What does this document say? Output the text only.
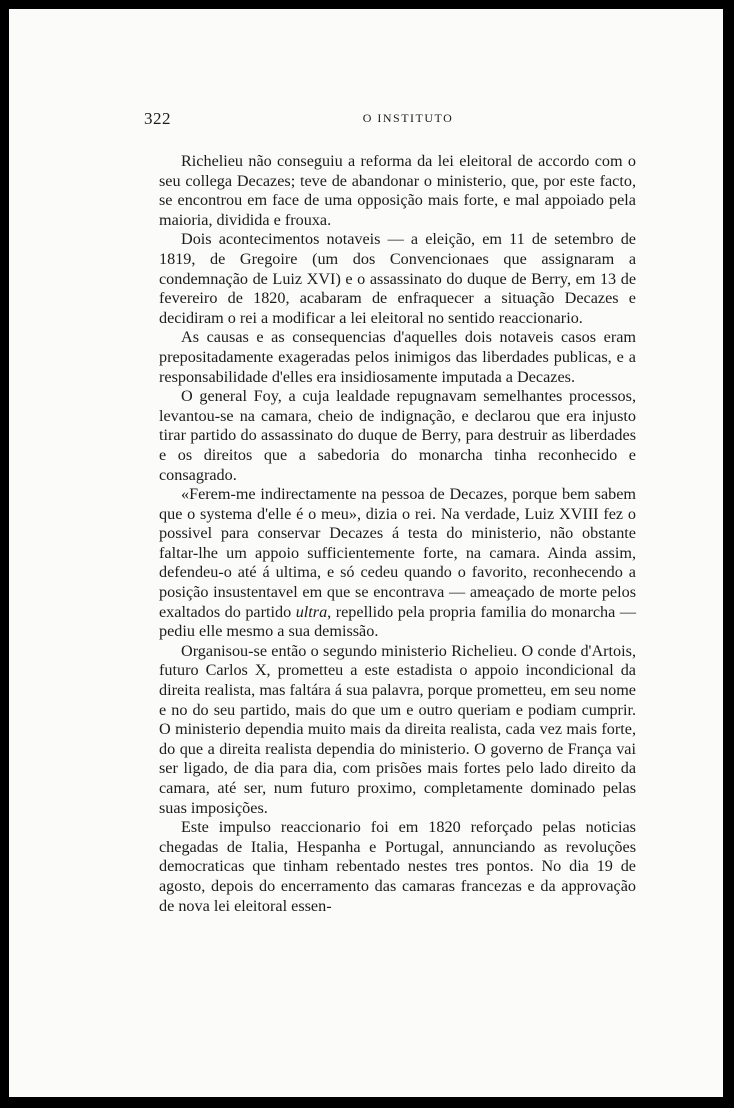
322	O INSTITUTO

Richelieu não conseguiu a reforma da lei eleitoral de accordo com o seu collega Decazes; teve de abandonar o ministerio, que, por este facto, se encontrou em face de uma opposição mais forte, e mal appoiado pela maioria, dividida e frouxa.

Dois acontecimentos notaveis — a eleição, em 11 de setembro de 1819, de Gregoire (um dos Convencionaes que assignaram a condemnação de Luiz XVI) e o assassinato do duque de Berry, em 13 de fevereiro de 1820, acabaram de enfraquecer a situação Decazes e decidiram o rei a modificar a lei eleitoral no sentido reaccionario.

As causas e as consequencias d'aquelles dois notaveis casos eram prepositadamente exageradas pelos inimigos das liberdades publicas, e a responsabilidade d'elles era insidiosamente imputada a Decazes.

O general Foy, a cuja lealdade repugnavam semelhantes processos, levantou-se na camara, cheio de indignação, e declarou que era injusto tirar partido do assassinato do duque de Berry, para destruir as liberdades e os direitos que a sabedoria do monarcha tinha reconhecido e consagrado.

«Ferem-me indirectamente na pessoa de Decazes, porque bem sabem que o systema d'elle é o meu», dizia o rei. Na verdade, Luiz XVIII fez o possivel para conservar Decazes á testa do ministerio, não obstante faltar-lhe um appoio sufficientemente forte, na camara. Ainda assim, defendeu-o até á ultima, e só cedeu quando o favorito, reconhecendo a posição insustentavel em que se encontrava — ameaçado de morte pelos exaltados do partido ultra, repellido pela propria familia do monarcha — pediu elle mesmo a sua demissão.

Organisou-se então o segundo ministerio Richelieu. O conde d'Artois, futuro Carlos X, prometteu a este estadista o appoio incondicional da direita realista, mas faltára á sua palavra, porque prometteu, em seu nome e no do seu partido, mais do que um e outro queriam e podiam cumprir. O ministerio dependia muito mais da direita realista, cada vez mais forte, do que a direita realista dependia do ministerio. O governo de França vai ser ligado, de dia para dia, com prisões mais fortes pelo lado direito da camara, até ser, num futuro proximo, completamente dominado pelas suas imposições.

Este impulso reaccionario foi em 1820 reforçado pelas noticias chegadas de Italia, Hespanha e Portugal, annunciando as revoluções democraticas que tinham rebentado nestes tres pontos. No dia 19 de agosto, depois do encerramento das camaras francezas e da approvação de nova lei eleitoral essen-
